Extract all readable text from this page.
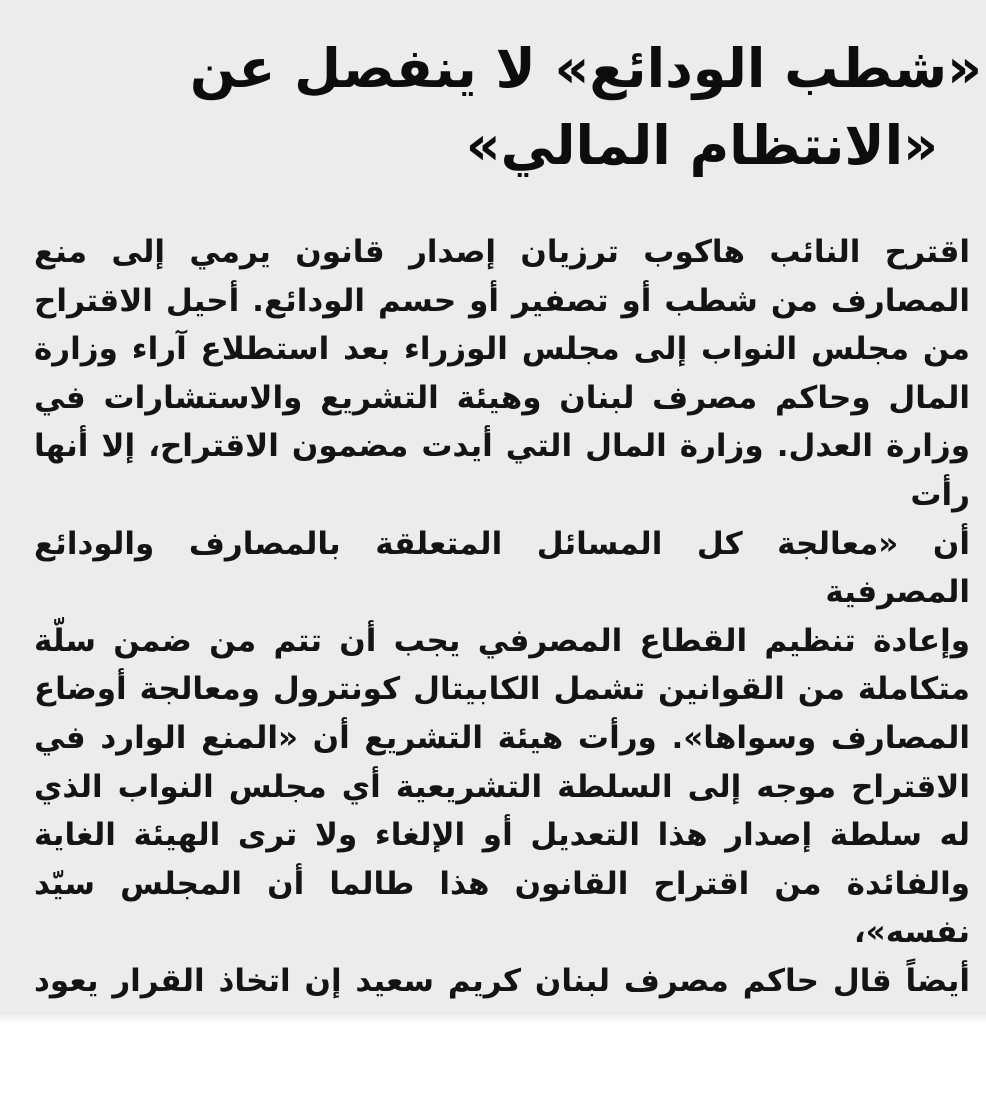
«شطب الودائع» لا ينفصل عن
«الانتظام المالي»
اقترح النائب هاكوب ترزيان إصدار قانون يرمي إلى منع
المصارف من شطب أو تصفير أو حسم الودائع. أحيل الاقتراح
من مجلس النواب إلى مجلس الوزراء بعد استطلاع آراء وزارة
المال وحاكم مصرف لبنان وهيئة التشريع والاستشارات في
وزارة العدل. وزارة المال التي أيدت مضمون الاقتراح، إلا أنها رأت
أن «معالجة كل المسائل المتعلقة بالمصارف والودائع المصرفية
وإعادة تنظيم القطاع المصرفي يجب أن تتم من ضمن سلّة
متكاملة من القوانين تشمل الكابيتال كونترول ومعالجة أوضاع
المصارف وسواها». ورأت هيئة التشريع أن «المنع الوارد في
الاقتراح موجه إلى السلطة التشريعية أي مجلس النواب الذي
له سلطة إصدار هذا التعديل أو الإلغاء ولا ترى الهيئة الغاية
والفائدة من اقتراح القانون هذا طالما أن المجلس سيّد نفسه»،
أيضاً قال حاكم مصرف لبنان كريم سعيد إن اتخاذ القرار يعود
